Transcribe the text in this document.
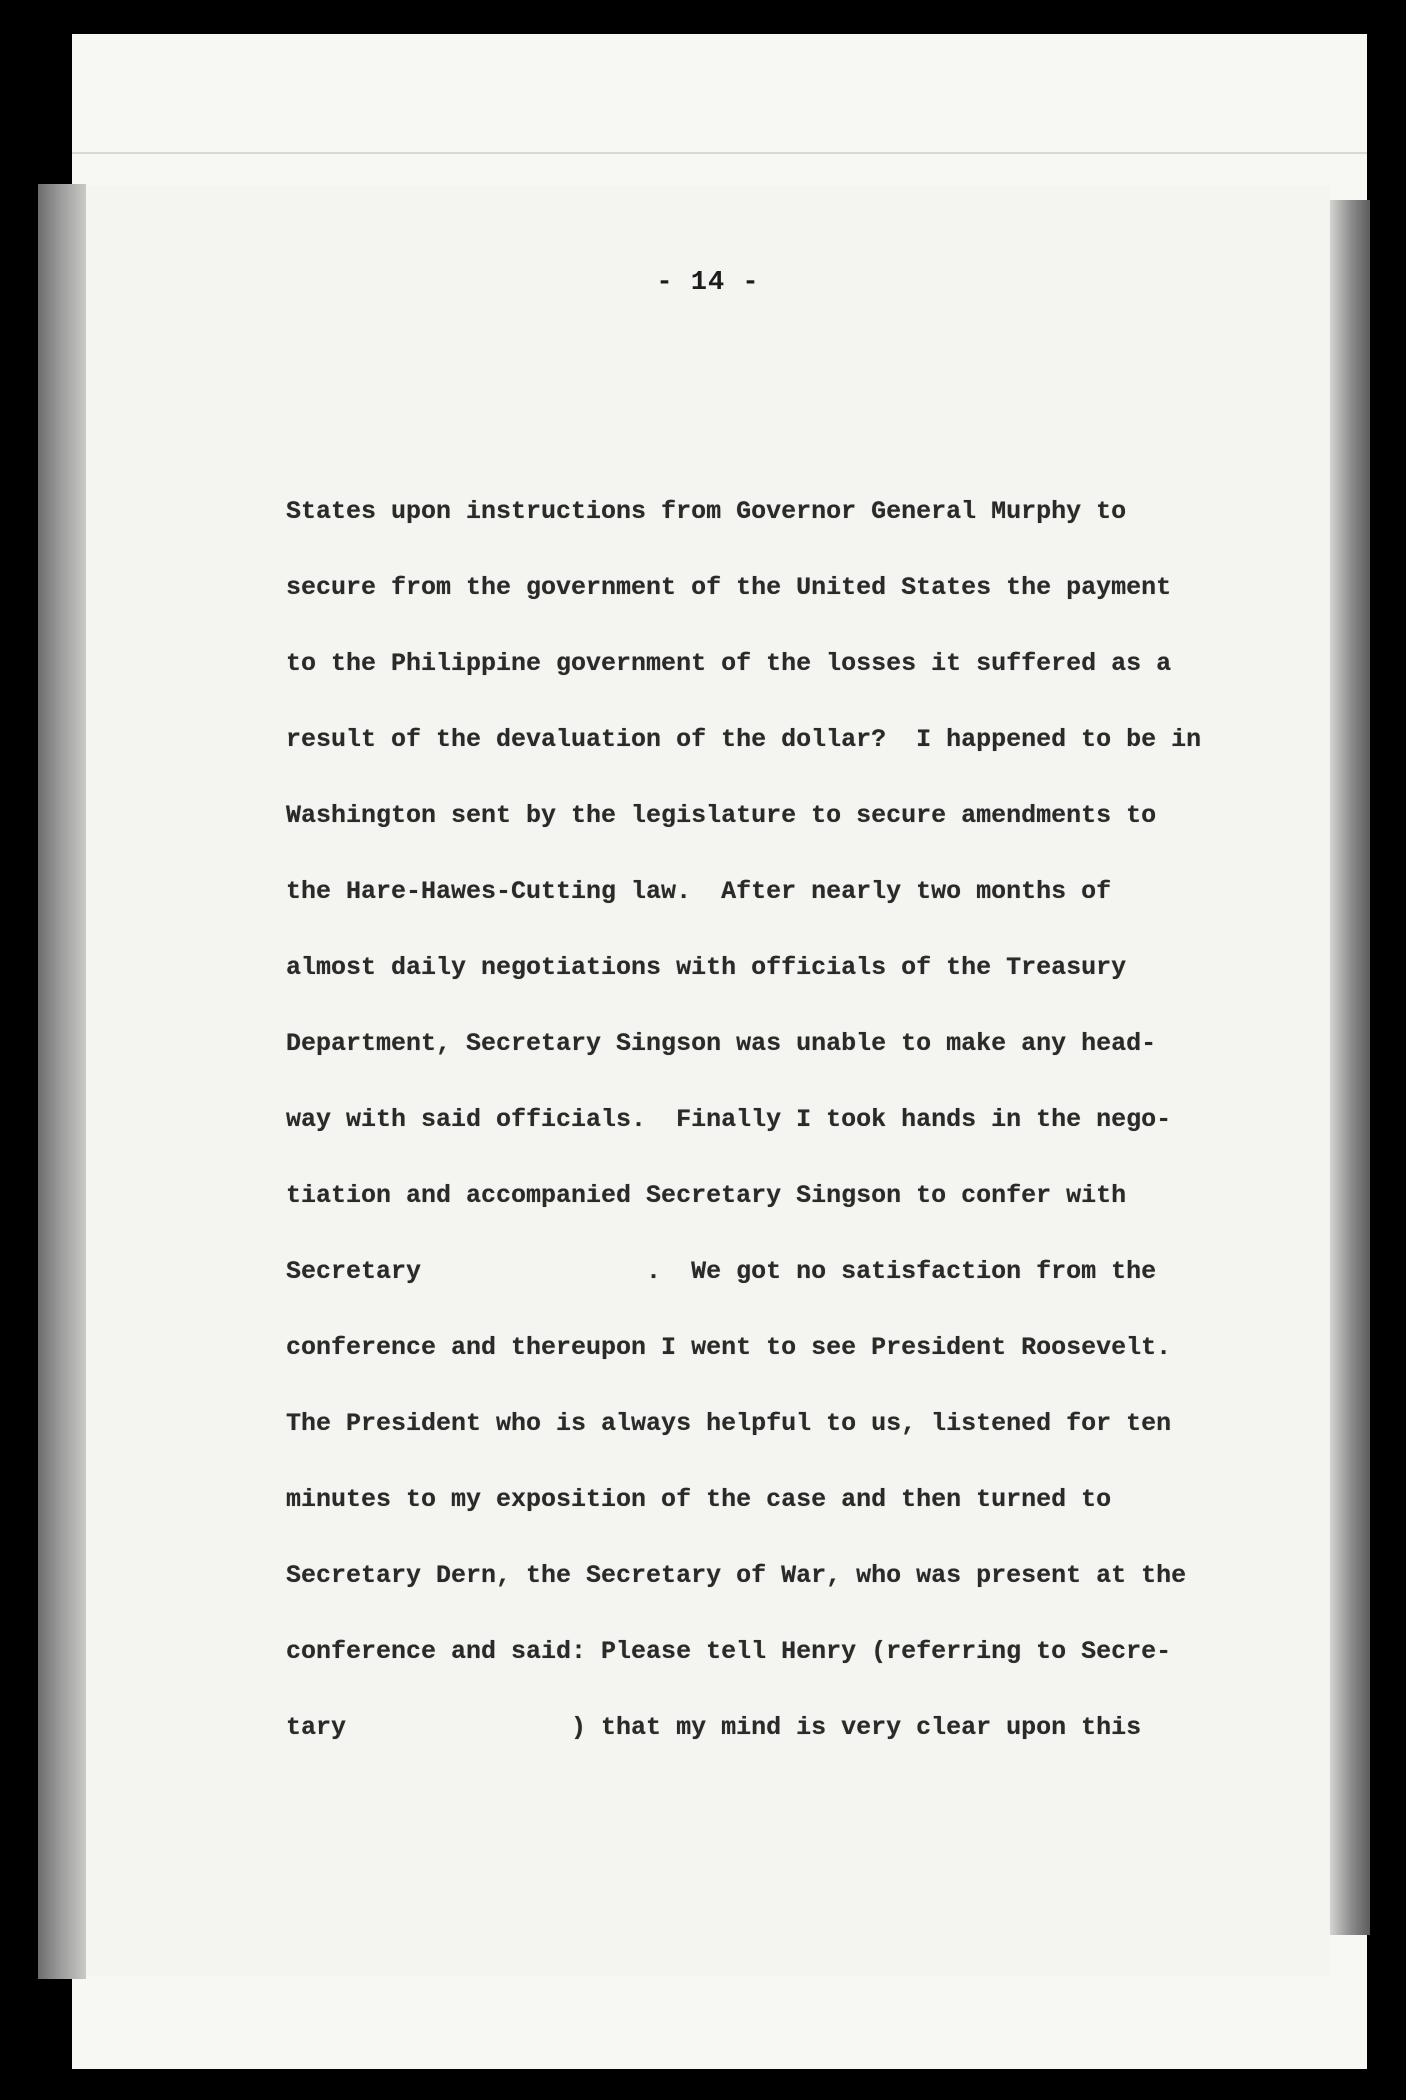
- 14 -
States upon instructions from Governor General Murphy to
secure from the government of the United States the payment
to the Philippine government of the losses it suffered as a
result of the devaluation of the dollar?  I happened to be in
Washington sent by the legislature to secure amendments to
the Hare-Hawes-Cutting law.  After nearly two months of
almost daily negotiations with officials of the Treasury
Department, Secretary Singson was unable to make any head-
way with said officials.  Finally I took hands in the nego-
tiation and accompanied Secretary Singson to confer with
Secretary               .  We got no satisfaction from the
conference and thereupon I went to see President Roosevelt.
The President who is always helpful to us, listened for ten
minutes to my exposition of the case and then turned to
Secretary Dern, the Secretary of War, who was present at the
conference and said: Please tell Henry (referring to Secre-
tary               ) that my mind is very clear upon this
